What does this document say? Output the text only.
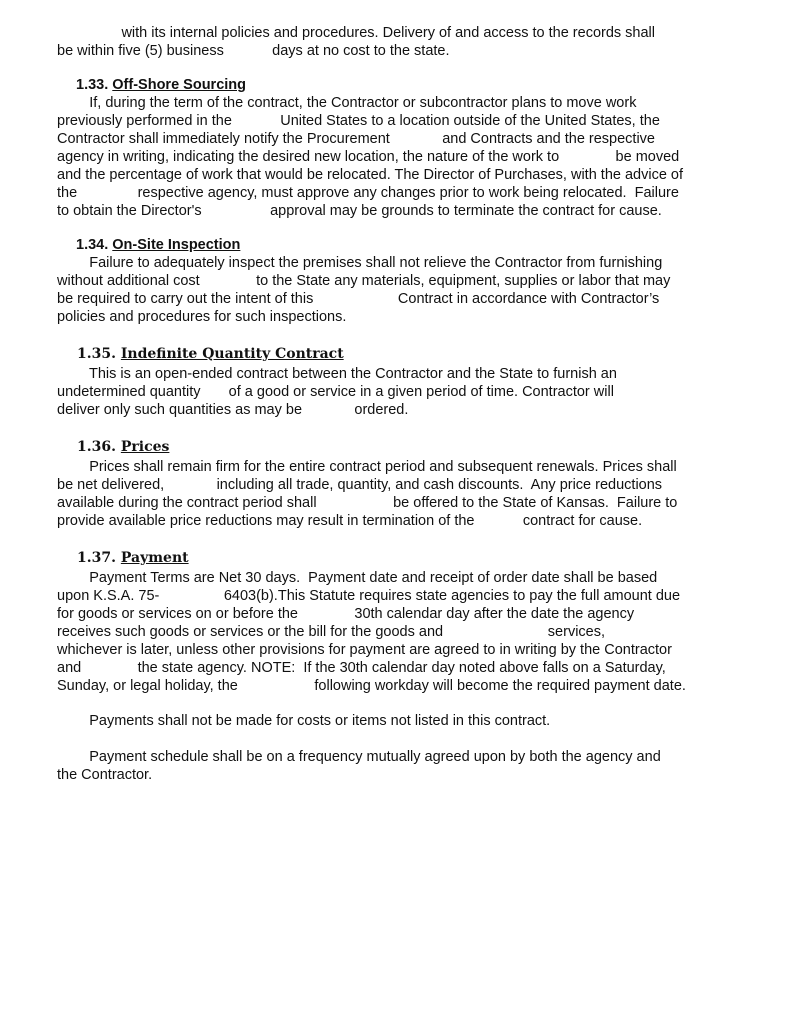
with its internal policies and procedures. Delivery of and access to the records shall

be within five (5) business            days at no cost to the state.

1.33. Off-Shore Sourcing

If, during the term of the contract, the Contractor or subcontractor plans to move work

previously performed in the            United States to a location outside of the United States, the

Contractor shall immediately notify the Procurement             and Contracts and the respective

agency in writing, indicating the desired new location, the nature of the work to              be moved

and the percentage of work that would be relocated. The Director of Purchases, with the advice of

the               respective agency, must approve any changes prior to work being relocated.  Failure

to obtain the Director's                 approval may be grounds to terminate the contract for cause.

1.34. On-Site Inspection

Failure to adequately inspect the premises shall not relieve the Contractor from furnishing

without additional cost              to the State any materials, equipment, supplies or labor that may

be required to carry out the intent of this                     Contract in accordance with Contractor’s

policies and procedures for such inspections.

1.35. Indefinite Quantity Contract

This is an open-ended contract between the Contractor and the State to furnish an

undetermined quantity       of a good or service in a given period of time. Contractor will

deliver only such quantities as may be             ordered.

1.36. Prices

Prices shall remain firm for the entire contract period and subsequent renewals. Prices shall

be net delivered,             including all trade, quantity, and cash discounts.  Any price reductions

available during the contract period shall                   be offered to the State of Kansas.  Failure to

provide available price reductions may result in termination of the            contract for cause.

1.37. Payment

Payment Terms are Net 30 days.  Payment date and receipt of order date shall be based

upon K.S.A. 75-                6403(b).This Statute requires state agencies to pay the full amount due

for goods or services on or before the              30th calendar day after the date the agency

receives such goods or services or the bill for the goods and                          services,

whichever is later, unless other provisions for payment are agreed to in writing by the Contractor

and              the state agency. NOTE:  If the 30th calendar day noted above falls on a Saturday,

Sunday, or legal holiday, the                   following workday will become the required payment date.

Payments shall not be made for costs or items not listed in this contract.

Payment schedule shall be on a frequency mutually agreed upon by both the agency and

the Contractor.
